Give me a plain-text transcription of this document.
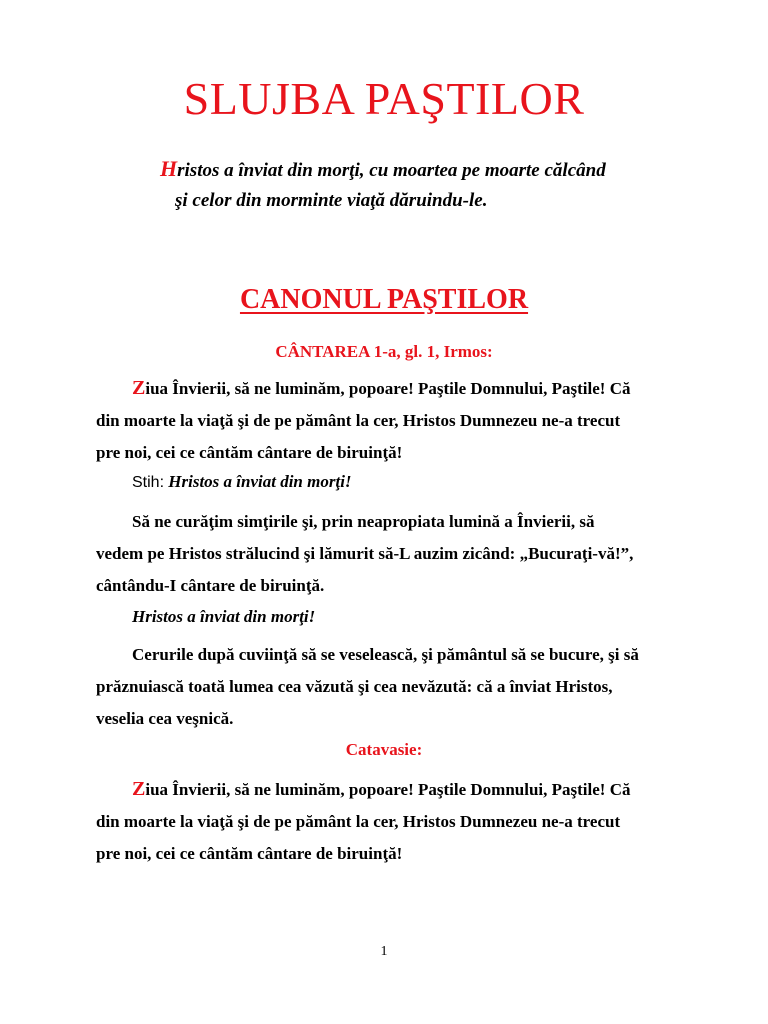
SLUJBA PAŞTILOR
Hristos a înviat din morţi, cu moartea pe moarte călcând
şi celor din morminte viaţă dăruindu-le.
CANONUL PAŞTILOR
CÂNTAREA 1-a, gl. 1, Irmos:
Ziua Învierii, să ne luminăm, popoare! Paştile Domnului, Paştile! Că
din moarte la viaţă şi de pe pământ la cer, Hristos Dumnezeu ne-a trecut
pre noi, cei ce cântăm cântare de biruinţă!
Stih: Hristos a înviat din morţi!
Să ne curăţim simţirile şi, prin neapropiata lumină a Învierii, să
vedem pe Hristos strălucind şi lămurit să-L auzim zicând: „Bucuraţi-vă!”,
cântându-I cântare de biruinţă.
Hristos a înviat din morţi!
Cerurile după cuviinţă să se veselească, şi pământul să se bucure, şi să
prăznuiască toată lumea cea văzută şi cea nevăzută: că a înviat Hristos,
veselia cea veşnică.
Catavasie:
Ziua Învierii, să ne luminăm, popoare! Paştile Domnului, Paştile! Că
din moarte la viaţă şi de pe pământ la cer, Hristos Dumnezeu ne-a trecut
pre noi, cei ce cântăm cântare de biruinţă!
1
